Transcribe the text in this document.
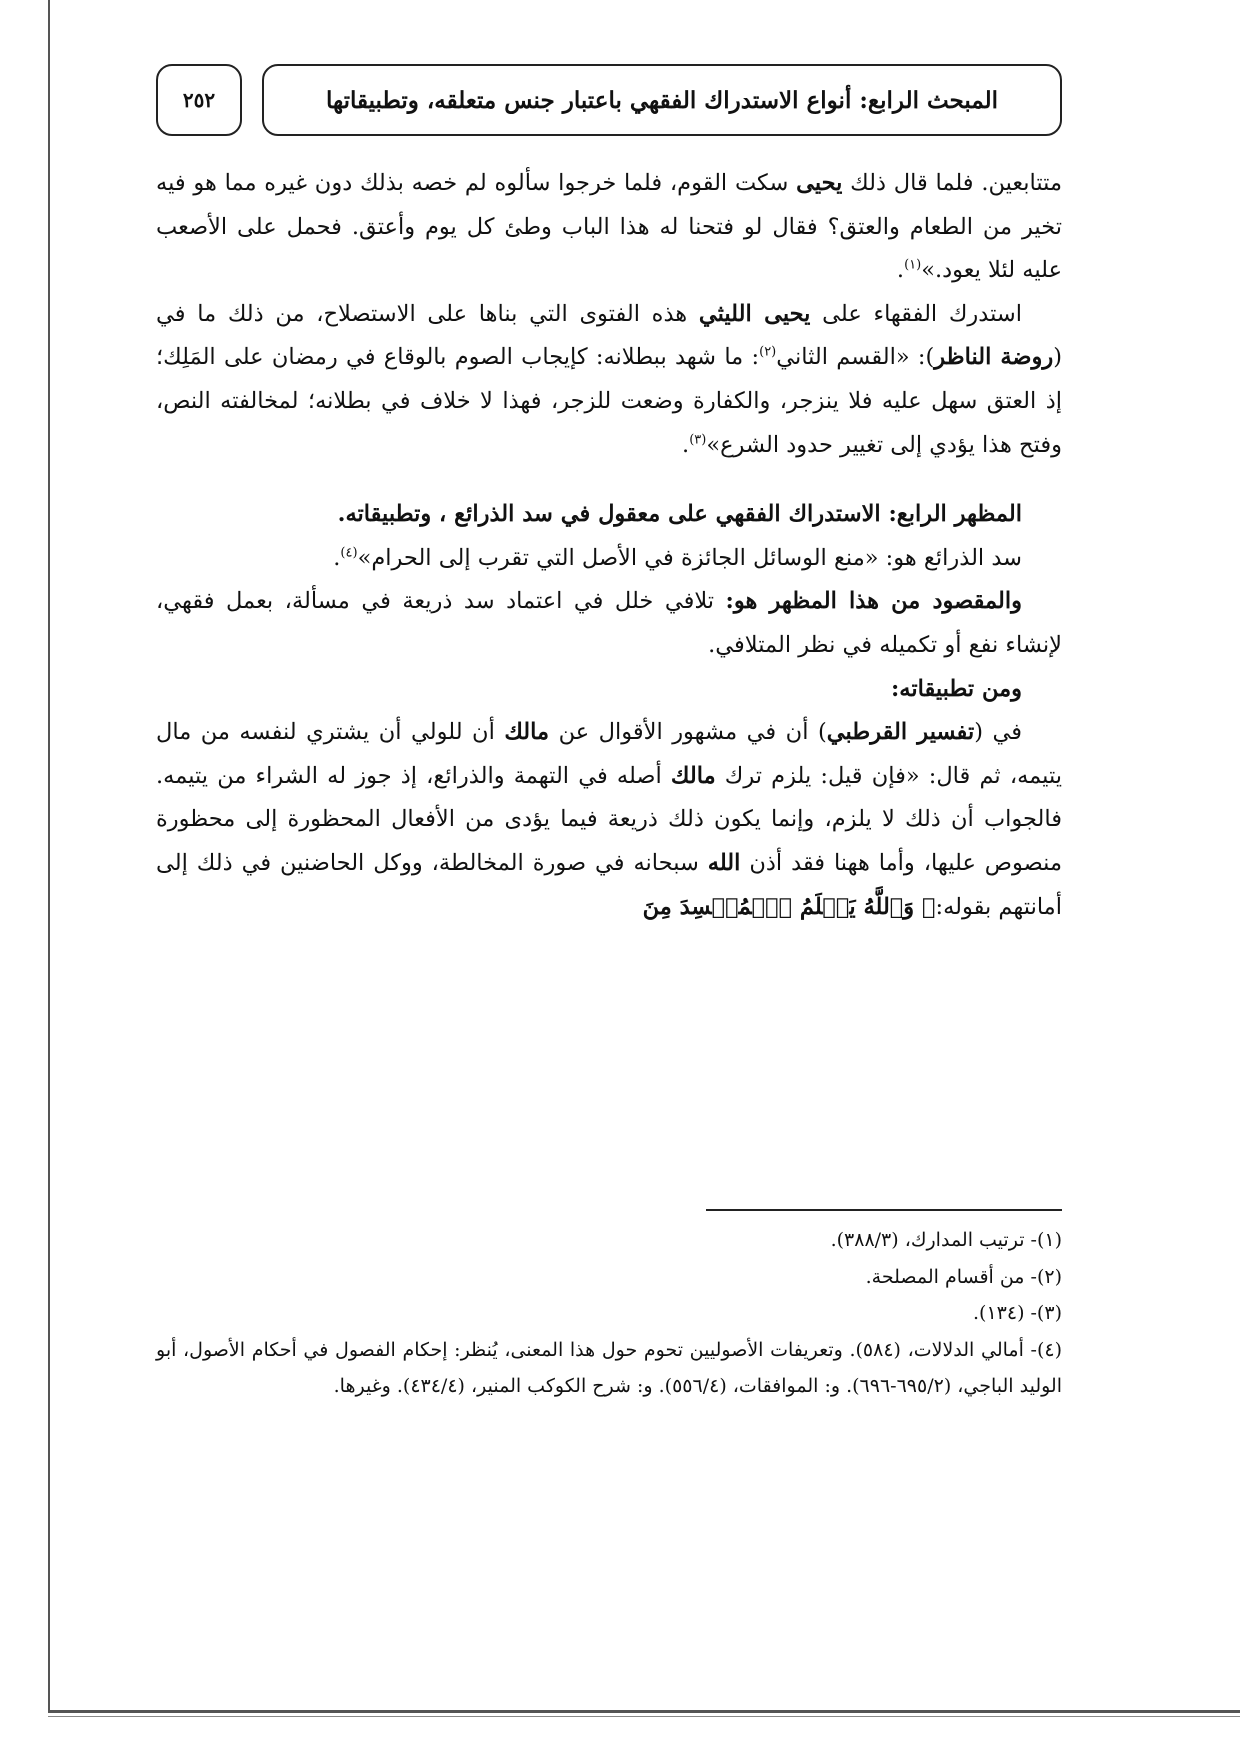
المبحث الرابع: أنواع الاستدراك الفقهي باعتبار جنس متعلقه، وتطبيقاتها
٢٥٢

متتابعين. فلما قال ذلك يحيى سكت القوم، فلما خرجوا سألوه لم خصه بذلك دون غيره مما هو فيه تخير من الطعام والعتق؟ فقال لو فتحنا له هذا الباب وطئ كل يوم وأعتق. فحمل على الأصعب عليه لئلا يعود.»$^{(١)}$.

استدرك الفقهاء على يحيى الليثي هذه الفتوى التي بناها على الاستصلاح، من ذلك ما في (روضة الناظر): «القسم الثاني$^{(٢)}$: ما شهد ببطلانه: كإيجاب الصوم بالوقاع في رمضان على المَلِك؛ إذ العتق سهل عليه فلا ينزجر، والكفارة وضعت للزجر، فهذا لا خلاف في بطلانه؛ لمخالفته النص، وفتح هذا يؤدي إلى تغيير حدود الشرع»$^{(٣)}$.

المظهر الرابع: الاستدراك الفقهي على معقول في سد الذرائع ، وتطبيقاته.

سد الذرائع هو: «منع الوسائل الجائزة في الأصل التي تقرب إلى الحرام»$^{(٤)}$.

والمقصود من هذا المظهر هو: تلافي خلل في اعتماد سد ذريعة في مسألة، بعمل فقهي، لإنشاء نفع أو تكميله في نظر المتلافي.

ومن تطبيقاته:

في (تفسير القرطبي) أن في مشهور الأقوال عن مالك أن للولي أن يشتري لنفسه من مال يتيمه، ثم قال: «فإن قيل: يلزم ترك مالك أصله في التهمة والذرائع، إذ جوز له الشراء من يتيمه. فالجواب أن ذلك لا يلزم، وإنما يكون ذلك ذريعة فيما يؤدى من الأفعال المحظورة إلى محظورة منصوص عليها، وأما ههنا فقد أذن الله سبحانه في صورة المخالطة، ووكل الحاضنين في ذلك إلى أمانتهم بقوله:﴿ وَٱللَّهُ يَعۡلَمُ ٱلۡمُفۡسِدَ مِنَ

(١)- ترتيب المدارك، (٣٨٨/٣).

(٢)- من أقسام المصلحة.

(٣)- (١٣٤).

(٤)- أمالي الدلالات، (٥٨٤). وتعريفات الأصوليين تحوم حول هذا المعنى، يُنظر: إحكام الفصول في أحكام الأصول، أبو الوليد الباجي، (٦٩٥/٢-٦٩٦). و: الموافقات، (٥٥٦/٤). و: شرح الكوكب المنير، (٤٣٤/٤). وغيرها.
